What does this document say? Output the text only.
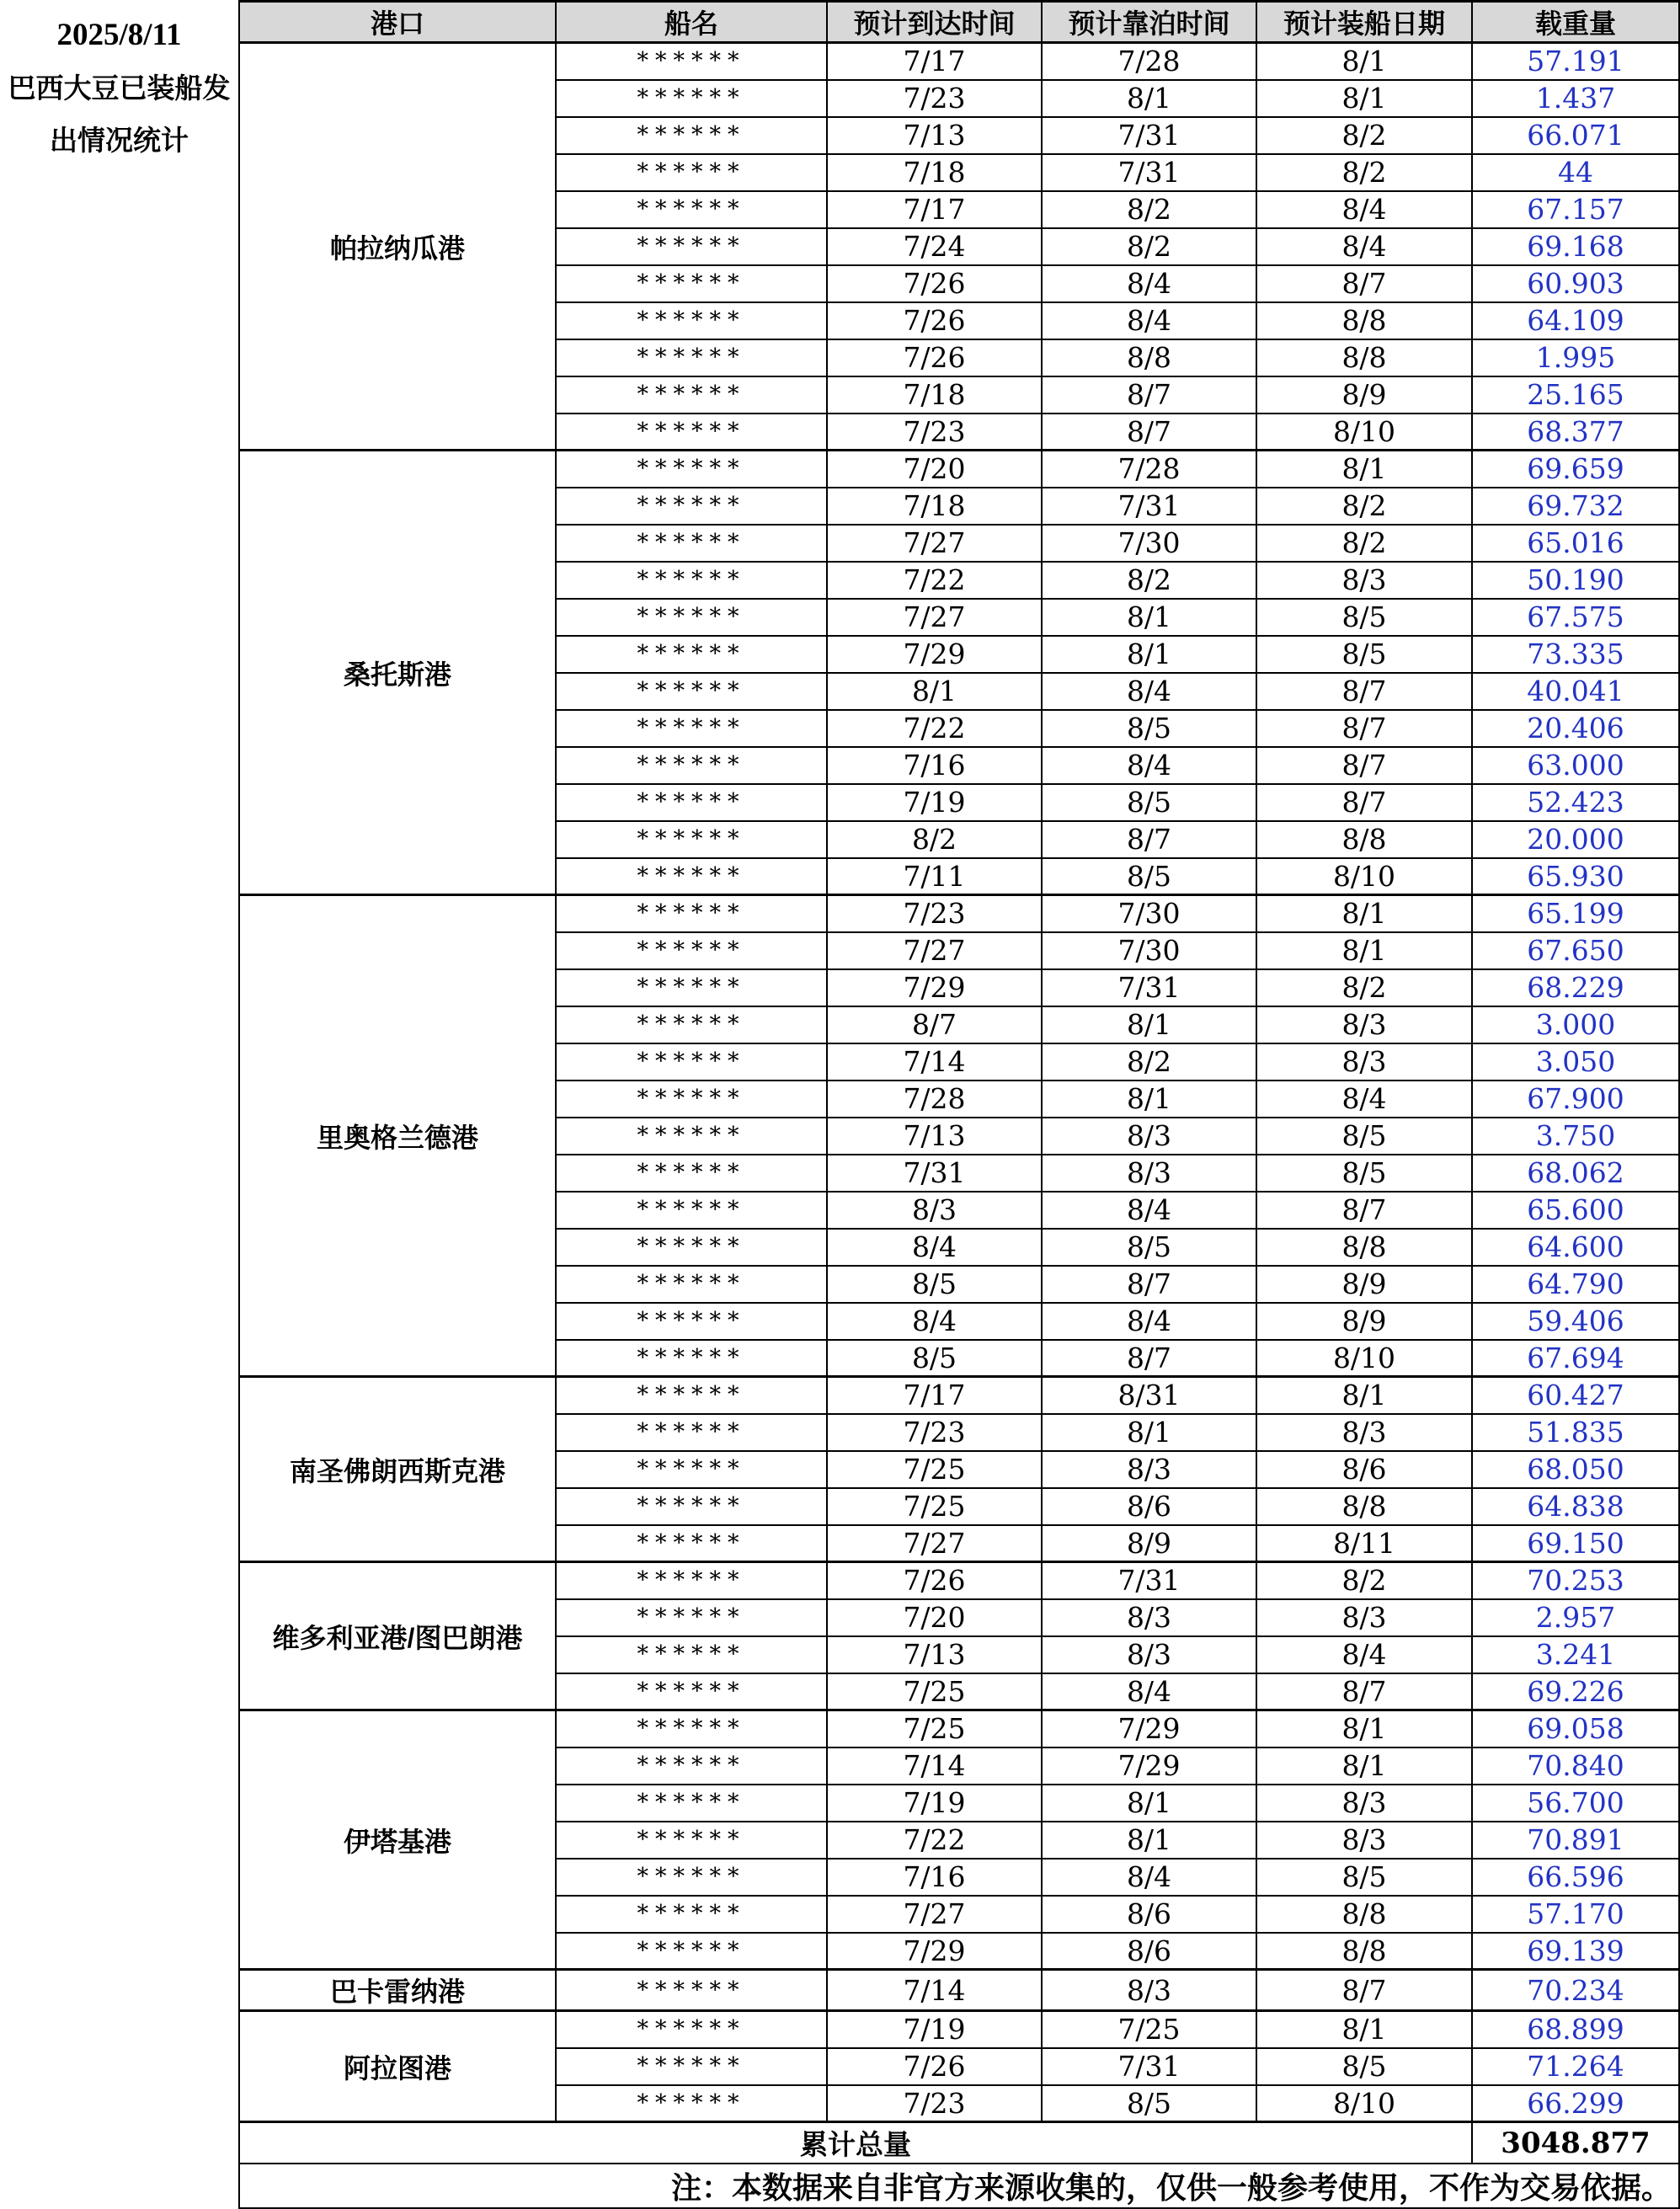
2025/8/11
巴西大豆已装船发出情况统计
港口	船名	预计到达时间	预计靠泊时间	预计装船日期	载重量
帕拉纳瓜港	******	7/17	7/28	8/1	57.191
	******	7/23	8/1	8/1	1.437
	******	7/13	7/31	8/2	66.071
	******	7/18	7/31	8/2	44
	******	7/17	8/2	8/4	67.157
	******	7/24	8/2	8/4	69.168
	******	7/26	8/4	8/7	60.903
	******	7/26	8/4	8/8	64.109
	******	7/26	8/8	8/8	1.995
	******	7/18	8/7	8/9	25.165
	******	7/23	8/7	8/10	68.377
桑托斯港	******	7/20	7/28	8/1	69.659
	******	7/18	7/31	8/2	69.732
	******	7/27	7/30	8/2	65.016
	******	7/22	8/2	8/3	50.190
	******	7/27	8/1	8/5	67.575
	******	7/29	8/1	8/5	73.335
	******	8/1	8/4	8/7	40.041
	******	7/22	8/5	8/7	20.406
	******	7/16	8/4	8/7	63.000
	******	7/19	8/5	8/7	52.423
	******	8/2	8/7	8/8	20.000
	******	7/11	8/5	8/10	65.930
里奥格兰德港	******	7/23	7/30	8/1	65.199
	******	7/27	7/30	8/1	67.650
	******	7/29	7/31	8/2	68.229
	******	8/7	8/1	8/3	3.000
	******	7/14	8/2	8/3	3.050
	******	7/28	8/1	8/4	67.900
	******	7/13	8/3	8/5	3.750
	******	7/31	8/3	8/5	68.062
	******	8/3	8/4	8/7	65.600
	******	8/4	8/5	8/8	64.600
	******	8/5	8/7	8/9	64.790
	******	8/4	8/4	8/9	59.406
	******	8/5	8/7	8/10	67.694
南圣佛朗西斯克港	******	7/17	8/31	8/1	60.427
	******	7/23	8/1	8/3	51.835
	******	7/25	8/3	8/6	68.050
	******	7/25	8/6	8/8	64.838
	******	7/27	8/9	8/11	69.150
维多利亚港/图巴朗港	******	7/26	7/31	8/2	70.253
	******	7/20	8/3	8/3	2.957
	******	7/13	8/3	8/4	3.241
	******	7/25	8/4	8/7	69.226
伊塔基港	******	7/25	7/29	8/1	69.058
	******	7/14	7/29	8/1	70.840
	******	7/19	8/1	8/3	56.700
	******	7/22	8/1	8/3	70.891
	******	7/16	8/4	8/5	66.596
	******	7/27	8/6	8/8	57.170
	******	7/29	8/6	8/8	69.139
巴卡雷纳港	******	7/14	8/3	8/7	70.234
阿拉图港	******	7/19	7/25	8/1	68.899
	******	7/26	7/31	8/5	71.264
	******	7/23	8/5	8/10	66.299
累计总量					3048.877
注：本数据来自非官方来源收集的，仅供一般参考使用，不作为交易依据。					
